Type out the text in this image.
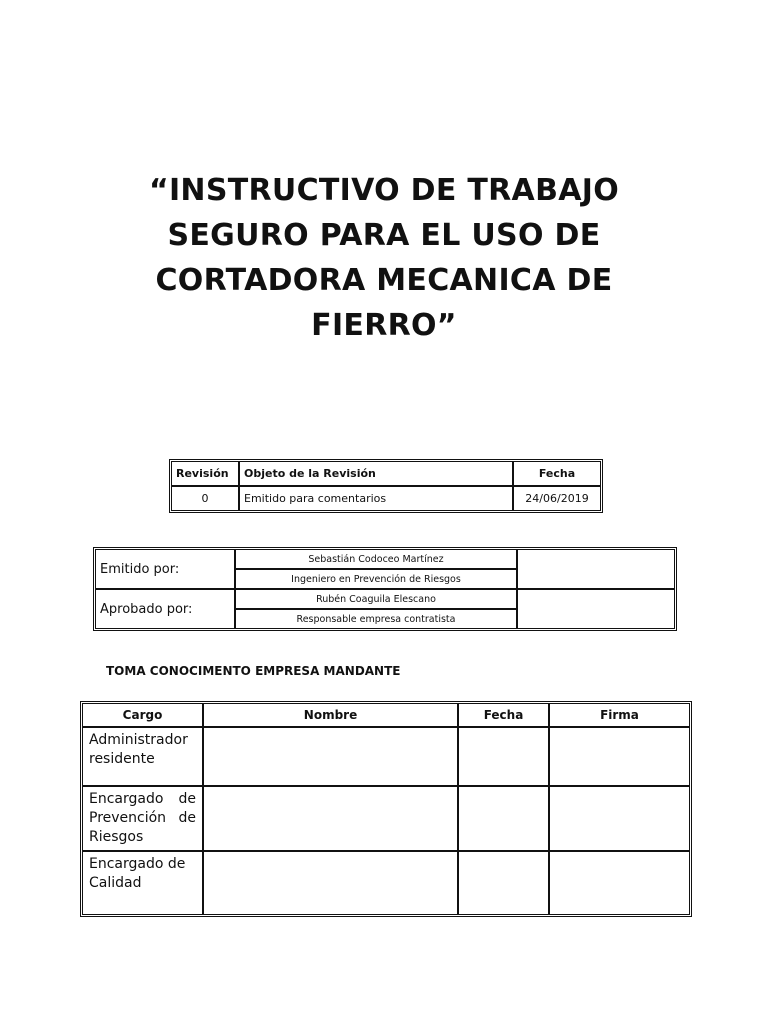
“INSTRUCTIVO DE TRABAJO SEGURO PARA EL USO DE CORTADORA MECANICA DE FIERRO”
Revisión	Objeto de la Revisión	Fecha
0	Emitido para comentarios	24/06/2019
Emitido por:	Sebastián Codoceo Martínez	
	Ingeniero en Prevención de Riesgos	
Aprobado por:	Rubén Coaguila Elescano	
	Responsable empresa contratista	
TOMA CONOCIMENTO EMPRESA MANDANTE
Cargo	Nombre	Fecha	Firma
Administrador residente			
Encargado de Prevención de Riesgos			
Encargado de Calidad			
